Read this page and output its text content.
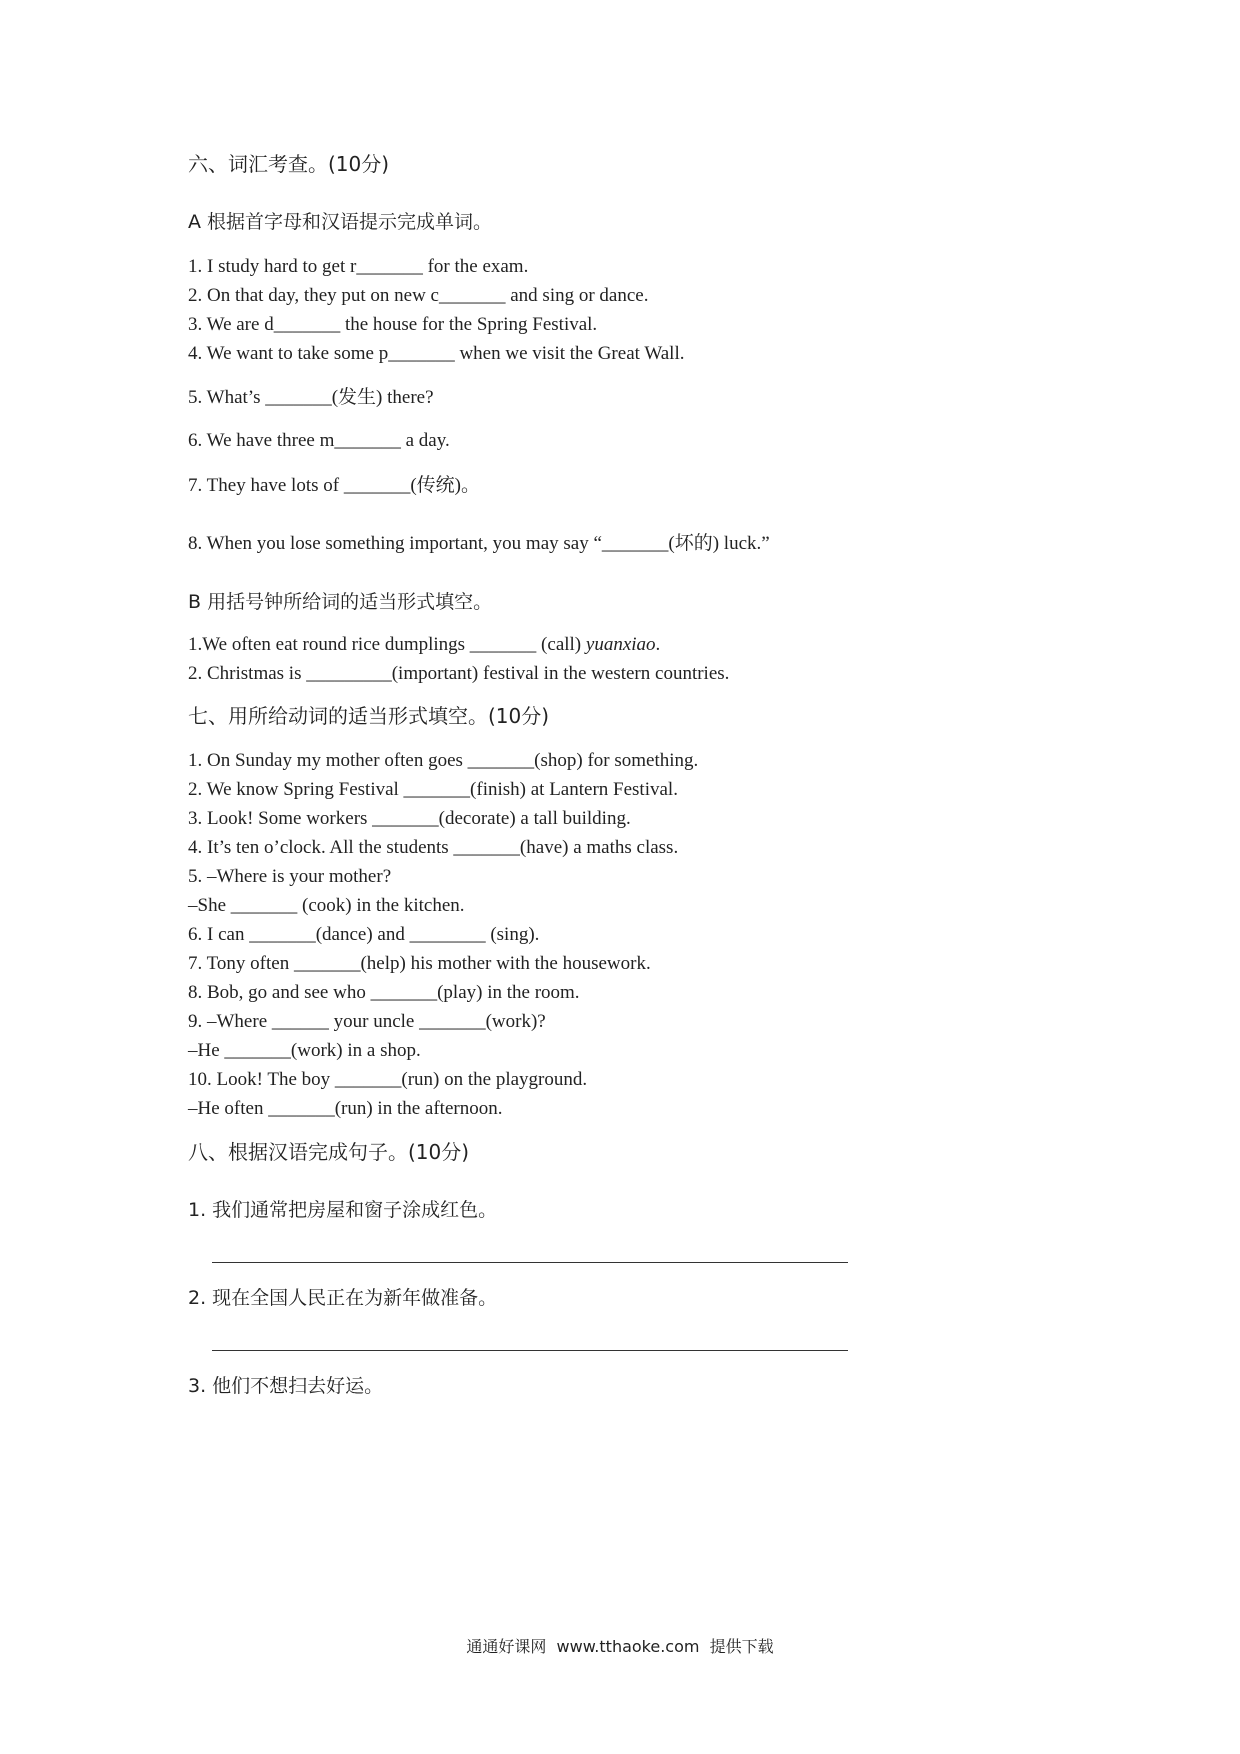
六、词汇考查。(10分)
A 根据首字母和汉语提示完成单词。
1. I study hard to get r_______ for the exam.
2. On that day, they put on new c_______ and sing or dance.
3. We are d_______ the house for the Spring Festival.
4. We want to take some p_______ when we visit the Great Wall.
5. What’s _______(发生) there?
6. We have three m_______ a day.
7. They have lots of _______(传统)。
8. When you lose something important, you may say “_______(坏的) luck.”
B 用括号钟所给词的适当形式填空。
1.We often eat round rice dumplings _______ (call) yuanxiao.
2. Christmas is _________(important) festival in the western countries.
七、用所给动词的适当形式填空。(10分)
1. On Sunday my mother often goes _______(shop) for something.
2. We know Spring Festival _______(finish) at Lantern Festival.
3. Look! Some workers _______(decorate) a tall building.
4. It’s ten o’clock. All the students _______(have) a maths class.
5. –Where is your mother?
–She _______ (cook) in the kitchen.
6. I can _______(dance) and ________ (sing).
7. Tony often _______(help) his mother with the housework.
8. Bob, go and see who _______(play) in the room.
9. –Where ______ your uncle _______(work)?
–He _______(work) in a shop.
10. Look! The boy _______(run) on the playground.
–He often _______(run) in the afternoon.
八、根据汉语完成句子。(10分)
1. 我们通常把房屋和窗子涂成红色。
2. 现在全国人民正在为新年做准备。
3. 他们不想扫去好运。
通通好课网  www.tthaoke.com  提供下载
